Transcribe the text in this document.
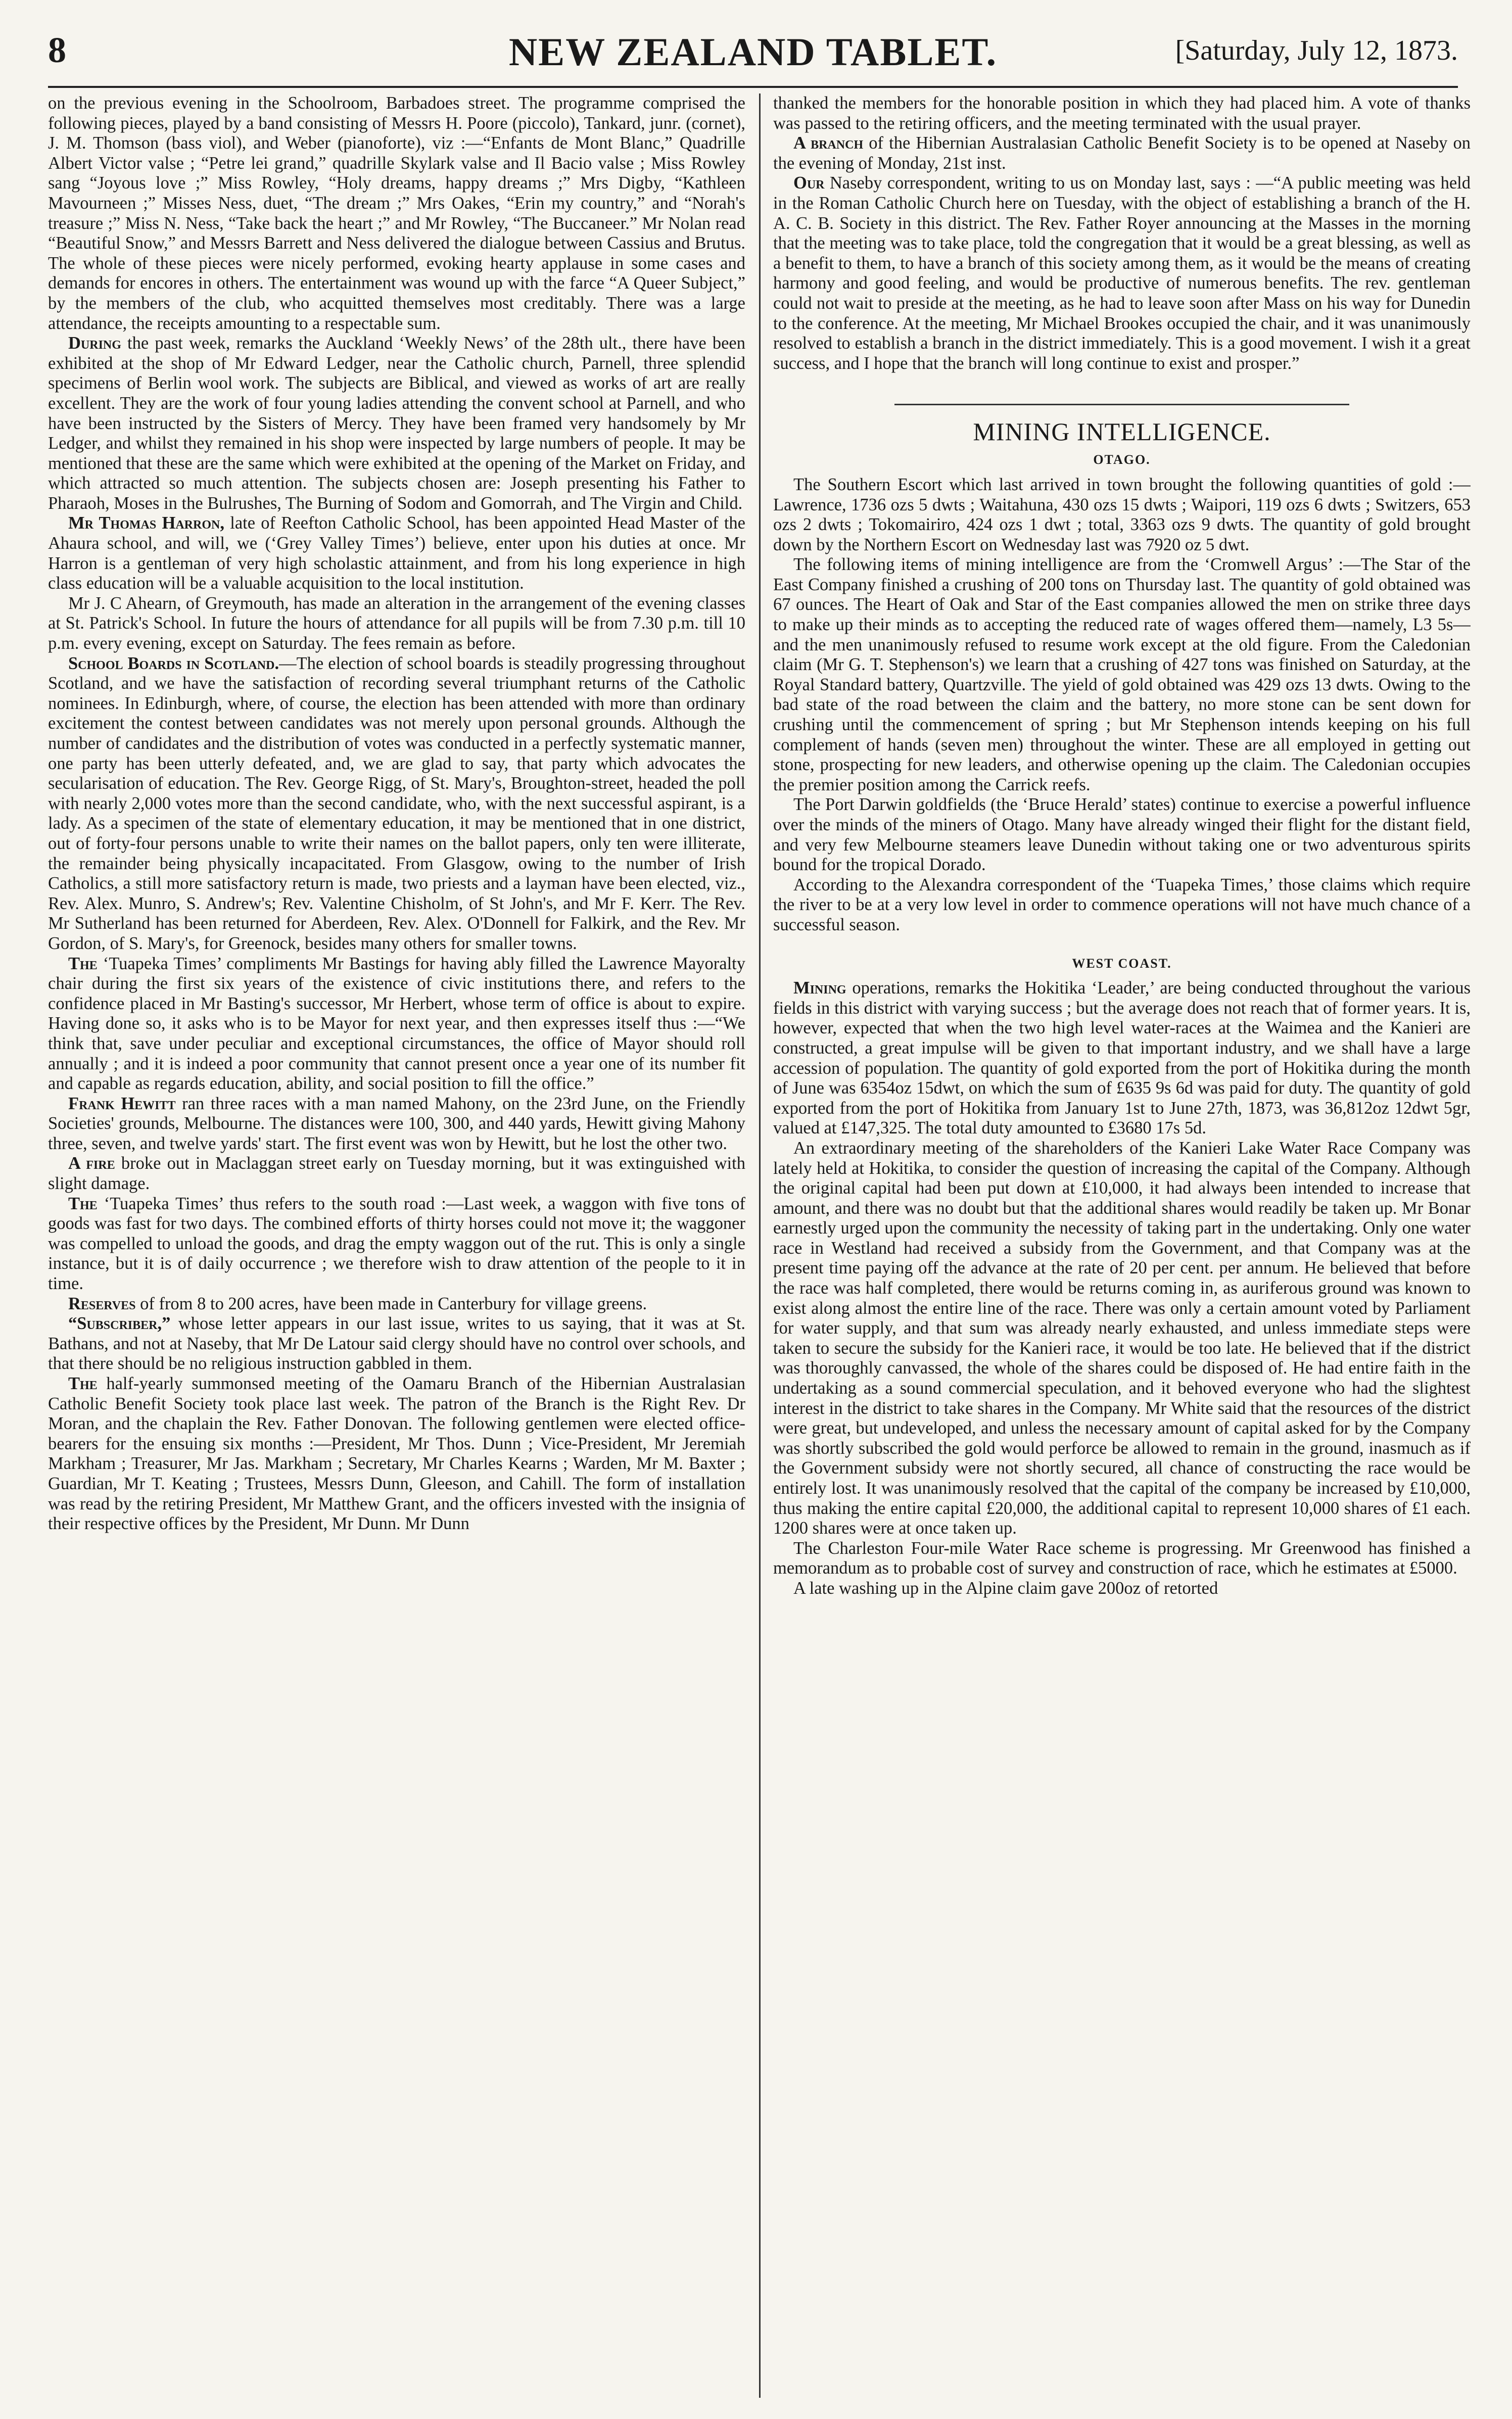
8	NEW ZEALAND TABLET.	[Saturday, July 12, 1873.

on the previous evening in the Schoolroom, Barbadoes street. The programme comprised the following pieces, played by a band consisting of Messrs H. Poore (piccolo), Tankard, junr. (cornet), J. M. Thomson (bass viol), and Weber (pianoforte), viz :—“Enfants de Mont Blanc,” Quadrille Albert Victor valse ; “Petre lei grand,” quadrille Skylark valse and Il Bacio valse ; Miss Rowley sang “Joyous love ;” Miss Rowley, “Holy dreams, happy dreams ;” Mrs Digby, “Kathleen Mavourneen ;” Misses Ness, duet, “The dream ;” Mrs Oakes, “Erin my country,” and “Norah's treasure ;” Miss N. Ness, “Take back the heart ;” and Mr Rowley, “The Buccaneer.” Mr Nolan read “Beautiful Snow,” and Messrs Barrett and Ness delivered the dialogue between Cassius and Brutus. The whole of these pieces were nicely performed, evoking hearty applause in some cases and demands for encores in others. The entertainment was wound up with the farce “A Queer Subject,” by the members of the club, who acquitted themselves most creditably. There was a large attendance, the receipts amounting to a respectable sum.

During the past week, remarks the Auckland ‘Weekly News’ of the 28th ult., there have been exhibited at the shop of Mr Edward Ledger, near the Catholic church, Parnell, three splendid specimens of Berlin wool work. The subjects are Biblical, and viewed as works of art are really excellent. They are the work of four young ladies attending the convent school at Parnell, and who have been instructed by the Sisters of Mercy. They have been framed very handsomely by Mr Ledger, and whilst they remained in his shop were inspected by large numbers of people. It may be mentioned that these are the same which were exhibited at the opening of the Market on Friday, and which attracted so much attention. The subjects chosen are: Joseph presenting his Father to Pharaoh, Moses in the Bulrushes, The Burning of Sodom and Gomorrah, and The Virgin and Child.

Mr Thomas Harron, late of Reefton Catholic School, has been appointed Head Master of the Ahaura school, and will, we (‘Grey Valley Times’) believe, enter upon his duties at once. Mr Harron is a gentleman of very high scholastic attainment, and from his long experience in high class education will be a valuable acquisition to the local institution.

Mr J. C Ahearn, of Greymouth, has made an alteration in the arrangement of the evening classes at St. Patrick's School. In future the hours of attendance for all pupils will be from 7.30 p.m. till 10 p.m. every evening, except on Saturday. The fees remain as before.

School Boards in Scotland.—The election of school boards is steadily progressing throughout Scotland, and we have the satisfaction of recording several triumphant returns of the Catholic nominees. In Edinburgh, where, of course, the election has been attended with more than ordinary excitement the contest between candidates was not merely upon personal grounds. Although the number of candidates and the distribution of votes was conducted in a perfectly systematic manner, one party has been utterly defeated, and, we are glad to say, that party which advocates the secularisation of education. The Rev. George Rigg, of St. Mary's, Broughton-street, headed the poll with nearly 2,000 votes more than the second candidate, who, with the next successful aspirant, is a lady. As a specimen of the state of elementary education, it may be mentioned that in one district, out of forty-four persons unable to write their names on the ballot papers, only ten were illiterate, the remainder being physically incapacitated. From Glasgow, owing to the number of Irish Catholics, a still more satisfactory return is made, two priests and a layman have been elected, viz., Rev. Alex. Munro, S. Andrew's; Rev. Valentine Chisholm, of St John's, and Mr F. Kerr. The Rev. Mr Sutherland has been returned for Aberdeen, Rev. Alex. O'Donnell for Falkirk, and the Rev. Mr Gordon, of S. Mary's, for Greenock, besides many others for smaller towns.

The ‘Tuapeka Times’ compliments Mr Bastings for having ably filled the Lawrence Mayoralty chair during the first six years of the existence of civic institutions there, and refers to the confidence placed in Mr Basting's successor, Mr Herbert, whose term of office is about to expire. Having done so, it asks who is to be Mayor for next year, and then expresses itself thus :—“We think that, save under peculiar and exceptional circumstances, the office of Mayor should roll annually ; and it is indeed a poor community that cannot present once a year one of its number fit and capable as regards education, ability, and social position to fill the office.”

Frank Hewitt ran three races with a man named Mahony, on the 23rd June, on the Friendly Societies' grounds, Melbourne. The distances were 100, 300, and 440 yards, Hewitt giving Mahony three, seven, and twelve yards' start. The first event was won by Hewitt, but he lost the other two.

A fire broke out in Maclaggan street early on Tuesday morning, but it was extinguished with slight damage.

The ‘Tuapeka Times’ thus refers to the south road :—Last week, a waggon with five tons of goods was fast for two days. The combined efforts of thirty horses could not move it; the waggoner was compelled to unload the goods, and drag the empty waggon out of the rut. This is only a single instance, but it is of daily occurrence ; we therefore wish to draw attention of the people to it in time.

Reserves of from 8 to 200 acres, have been made in Canterbury for village greens.

“Subscriber,” whose letter appears in our last issue, writes to us saying, that it was at St. Bathans, and not at Naseby, that Mr De Latour said clergy should have no control over schools, and that there should be no religious instruction gabbled in them.

The half-yearly summonsed meeting of the Oamaru Branch of the Hibernian Australasian Catholic Benefit Society took place last week. The patron of the Branch is the Right Rev. Dr Moran, and the chaplain the Rev. Father Donovan. The following gentlemen were elected office-bearers for the ensuing six months :—President, Mr Thos. Dunn ; Vice-President, Mr Jeremiah Markham ; Treasurer, Mr Jas. Markham ; Secretary, Mr Charles Kearns ; Warden, Mr M. Baxter ; Guardian, Mr T. Keating ; Trustees, Messrs Dunn, Gleeson, and Cahill. The form of installation was read by the retiring President, Mr Matthew Grant, and the officers invested with the insignia of their respective offices by the President, Mr Dunn. Mr Dunn

thanked the members for the honorable position in which they had placed him. A vote of thanks was passed to the retiring officers, and the meeting terminated with the usual prayer.

A branch of the Hibernian Australasian Catholic Benefit Society is to be opened at Naseby on the evening of Monday, 21st inst.

Our Naseby correspondent, writing to us on Monday last, says : —“A public meeting was held in the Roman Catholic Church here on Tuesday, with the object of establishing a branch of the H. A. C. B. Society in this district. The Rev. Father Royer announcing at the Masses in the morning that the meeting was to take place, told the congregation that it would be a great blessing, as well as a benefit to them, to have a branch of this society among them, as it would be the means of creating harmony and good feeling, and would be productive of numerous benefits. The rev. gentleman could not wait to preside at the meeting, as he had to leave soon after Mass on his way for Dunedin to the conference. At the meeting, Mr Michael Brookes occupied the chair, and it was unanimously resolved to establish a branch in the district immediately. This is a good movement. I wish it a great success, and I hope that the branch will long continue to exist and prosper.”

MINING INTELLIGENCE.
OTAGO.

The Southern Escort which last arrived in town brought the following quantities of gold :—Lawrence, 1736 ozs 5 dwts ; Waitahuna, 430 ozs 15 dwts ; Waipori, 119 ozs 6 dwts ; Switzers, 653 ozs 2 dwts ; Tokomairiro, 424 ozs 1 dwt ; total, 3363 ozs 9 dwts. The quantity of gold brought down by the Northern Escort on Wednesday last was 7920 oz 5 dwt.

The following items of mining intelligence are from the ‘Cromwell Argus’ :—The Star of the East Company finished a crushing of 200 tons on Thursday last. The quantity of gold obtained was 67 ounces. The Heart of Oak and Star of the East companies allowed the men on strike three days to make up their minds as to accepting the reduced rate of wages offered them—namely, L3 5s—and the men unanimously refused to resume work except at the old figure. From the Caledonian claim (Mr G. T. Stephenson's) we learn that a crushing of 427 tons was finished on Saturday, at the Royal Standard battery, Quartzville. The yield of gold obtained was 429 ozs 13 dwts. Owing to the bad state of the road between the claim and the battery, no more stone can be sent down for crushing until the commencement of spring ; but Mr Stephenson intends keeping on his full complement of hands (seven men) throughout the winter. These are all employed in getting out stone, prospecting for new leaders, and otherwise opening up the claim. The Caledonian occupies the premier position among the Carrick reefs.

The Port Darwin goldfields (the ‘Bruce Herald’ states) continue to exercise a powerful influence over the minds of the miners of Otago. Many have already winged their flight for the distant field, and very few Melbourne steamers leave Dunedin without taking one or two adventurous spirits bound for the tropical Dorado.

According to the Alexandra correspondent of the ‘Tuapeka Times,’ those claims which require the river to be at a very low level in order to commence operations will not have much chance of a successful season.

WEST COAST.

Mining operations, remarks the Hokitika ‘Leader,’ are being conducted throughout the various fields in this district with varying success ; but the average does not reach that of former years. It is, however, expected that when the two high level water-races at the Waimea and the Kanieri are constructed, a great impulse will be given to that important industry, and we shall have a large accession of population. The quantity of gold exported from the port of Hokitika during the month of June was 6354oz 15dwt, on which the sum of £635 9s 6d was paid for duty. The quantity of gold exported from the port of Hokitika from January 1st to June 27th, 1873, was 36,812oz 12dwt 5gr, valued at £147,325. The total duty amounted to £3680 17s 5d.

An extraordinary meeting of the shareholders of the Kanieri Lake Water Race Company was lately held at Hokitika, to consider the question of increasing the capital of the Company. Although the original capital had been put down at £10,000, it had always been intended to increase that amount, and there was no doubt but that the additional shares would readily be taken up. Mr Bonar earnestly urged upon the community the necessity of taking part in the undertaking. Only one water race in Westland had received a subsidy from the Government, and that Company was at the present time paying off the advance at the rate of 20 per cent. per annum. He believed that before the race was half completed, there would be returns coming in, as auriferous ground was known to exist along almost the entire line of the race. There was only a certain amount voted by Parliament for water supply, and that sum was already nearly exhausted, and unless immediate steps were taken to secure the subsidy for the Kanieri race, it would be too late. He believed that if the district was thoroughly canvassed, the whole of the shares could be disposed of. He had entire faith in the undertaking as a sound commercial speculation, and it behoved everyone who had the slightest interest in the district to take shares in the Company. Mr White said that the resources of the district were great, but undeveloped, and unless the necessary amount of capital asked for by the Company was shortly subscribed the gold would perforce be allowed to remain in the ground, inasmuch as if the Government subsidy were not shortly secured, all chance of constructing the race would be entirely lost. It was unanimously resolved that the capital of the company be increased by £10,000, thus making the entire capital £20,000, the additional capital to represent 10,000 shares of £1 each. 1200 shares were at once taken up.

The Charleston Four-mile Water Race scheme is progressing. Mr Greenwood has finished a memorandum as to probable cost of survey and construction of race, which he estimates at £5000.

A late washing up in the Alpine claim gave 200oz of retorted
